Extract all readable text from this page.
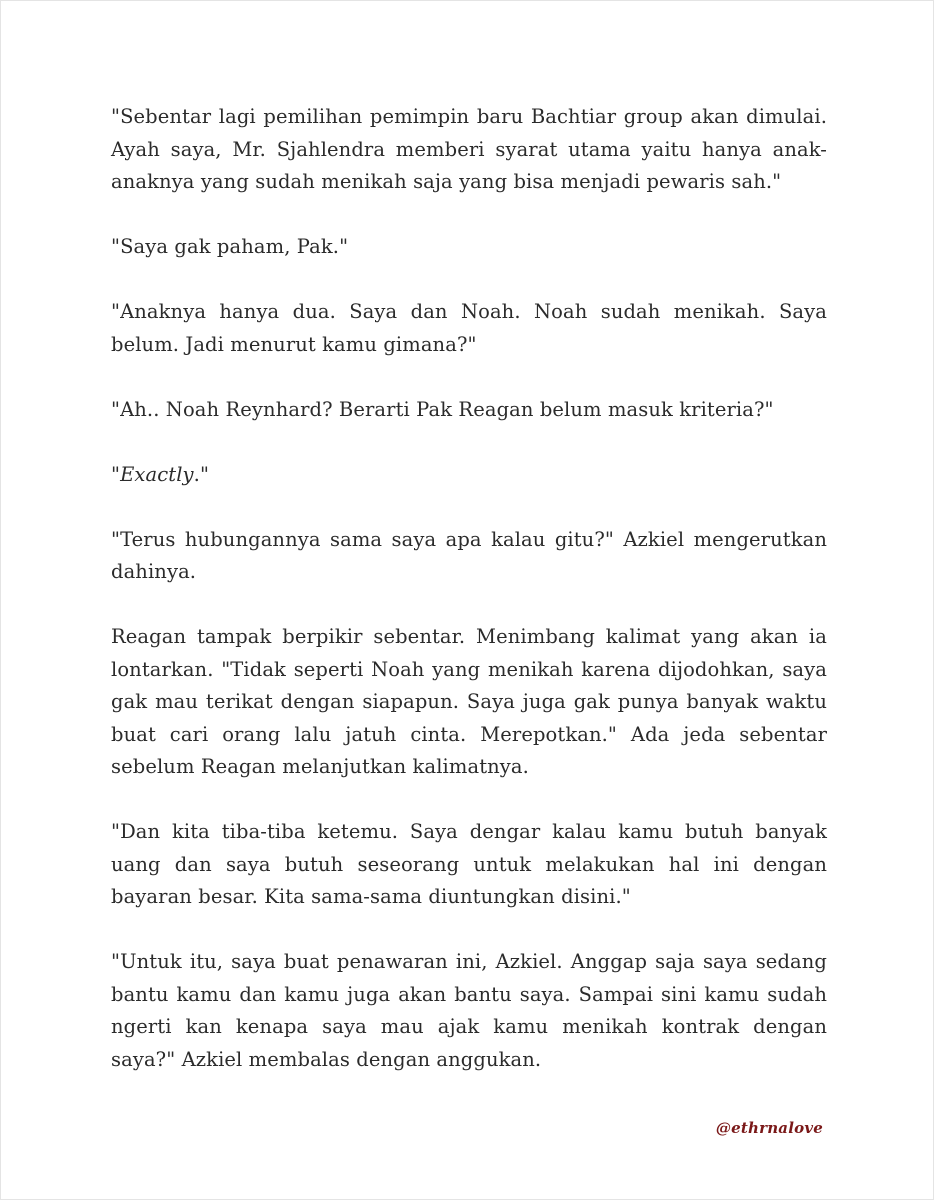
"Sebentar lagi pemilihan pemimpin baru Bachtiar group akan dimulai. Ayah saya, Mr. Sjahlendra memberi syarat utama yaitu hanya anak-anaknya yang sudah menikah saja yang bisa menjadi pewaris sah."

"Saya gak paham, Pak."

"Anaknya hanya dua. Saya dan Noah. Noah sudah menikah. Saya belum. Jadi menurut kamu gimana?"

"Ah.. Noah Reynhard? Berarti Pak Reagan belum masuk kriteria?"

"Exactly."

"Terus hubungannya sama saya apa kalau gitu?" Azkiel mengerutkan dahinya.

Reagan tampak berpikir sebentar. Menimbang kalimat yang akan ia lontarkan. "Tidak seperti Noah yang menikah karena dijodohkan, saya gak mau terikat dengan siapapun. Saya juga gak punya banyak waktu buat cari orang lalu jatuh cinta. Merepotkan." Ada jeda sebentar sebelum Reagan melanjutkan kalimatnya.

"Dan kita tiba-tiba ketemu. Saya dengar kalau kamu butuh banyak uang dan saya butuh seseorang untuk melakukan hal ini dengan bayaran besar. Kita sama-sama diuntungkan disini."

"Untuk itu, saya buat penawaran ini, Azkiel. Anggap saja saya sedang bantu kamu dan kamu juga akan bantu saya. Sampai sini kamu sudah ngerti kan kenapa saya mau ajak kamu menikah kontrak dengan saya?" Azkiel membalas dengan anggukan.

@ethrnalove
